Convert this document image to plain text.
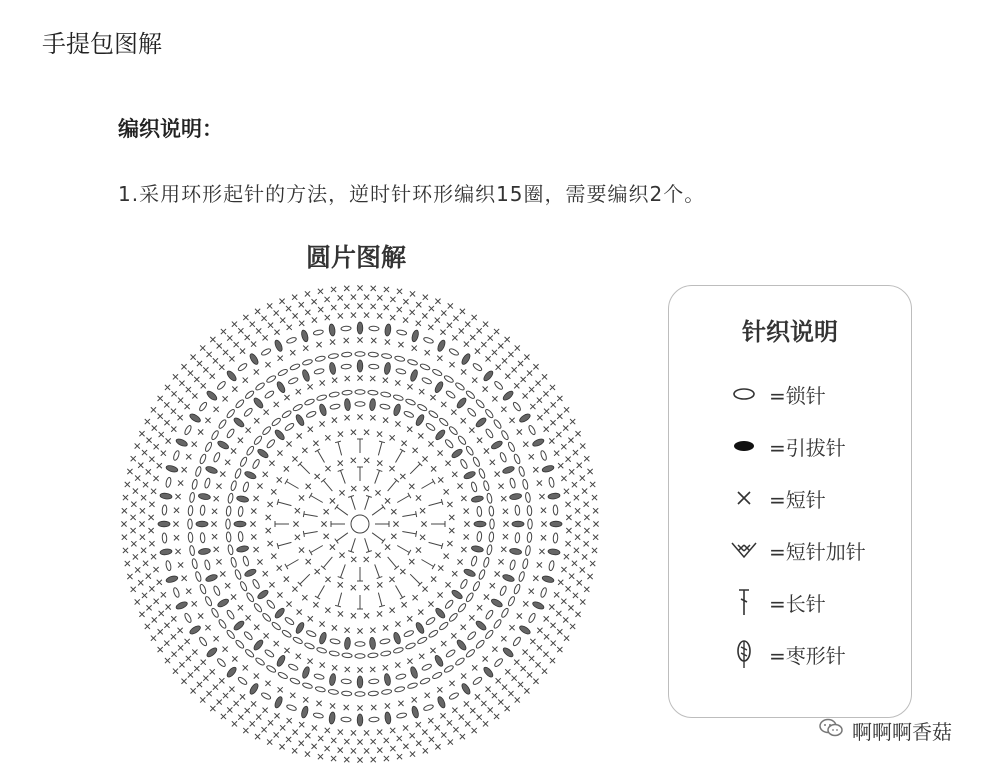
手提包图解
编织说明：
1.采用环形起针的方法，逆时针环形编织15圈，需要编织2个。
圆片图解
针织说明
=锁针
=引拔针
=短针
=短针加针
=长针
=枣形针
啊啊啊香菇
